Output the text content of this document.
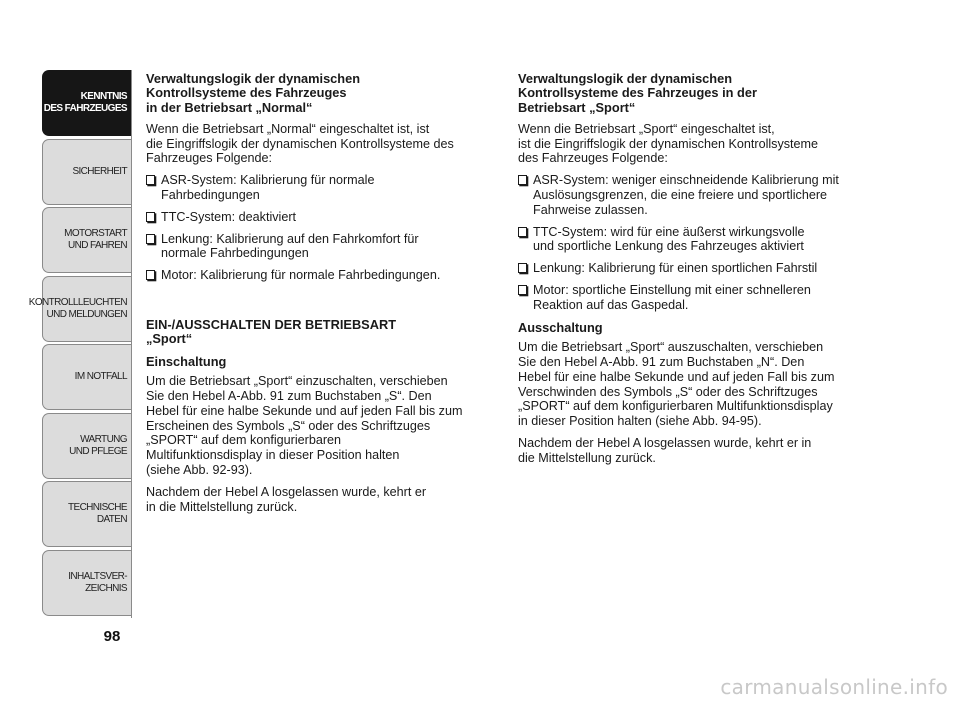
KENNTNIS
DES FAHRZEUGES
SICHERHEIT
MOTORSTART
UND FAHREN
KONTROLLLEUCHTEN
UND MELDUNGEN
IM NOTFALL
WARTUNG
UND PFLEGE
TECHNISCHE
DATEN
INHALTSVER-
ZEICHNIS
98
Verwaltungslogik der dynamischen
Kontrollsysteme des Fahrzeuges
in der Betriebsart „Normal“

Wenn die Betriebsart „Normal“ eingeschaltet ist, ist
die Eingriffslogik der dynamischen Kontrollsysteme des
Fahrzeuges Folgende:

ASR-System: Kalibrierung für normale
Fahrbedingungen
TTC-System: deaktiviert
Lenkung: Kalibrierung auf den Fahrkomfort für
normale Fahrbedingungen
Motor: Kalibrierung für normale Fahrbedingungen.
EIN-/AUSSCHALTEN DER BETRIEBSART
„Sport“
Einschaltung

Um die Betriebsart „Sport“ einzuschalten, verschieben
Sie den Hebel A-Abb. 91 zum Buchstaben „S“. Den
Hebel für eine halbe Sekunde und auf jeden Fall bis zum
Erscheinen des Symbols „S“ oder des Schriftzuges
„SPORT“ auf dem konfigurierbaren
Multifunktionsdisplay in dieser Position halten
(siehe Abb. 92-93).

Nachdem der Hebel A losgelassen wurde, kehrt er
in die Mittelstellung zurück.

Verwaltungslogik der dynamischen
Kontrollsysteme des Fahrzeuges in der
Betriebsart „Sport“

Wenn die Betriebsart „Sport“ eingeschaltet ist,
ist die Eingriffslogik der dynamischen Kontrollsysteme
des Fahrzeuges Folgende:

ASR-System: weniger einschneidende Kalibrierung mit
Auslösungsgrenzen, die eine freiere und sportlichere
Fahrweise zulassen.
TTC-System: wird für eine äußerst wirkungsvolle
und sportliche Lenkung des Fahrzeuges aktiviert
Lenkung: Kalibrierung für einen sportlichen Fahrstil
Motor: sportliche Einstellung mit einer schnelleren
Reaktion auf das Gaspedal.
Ausschaltung

Um die Betriebsart „Sport“ auszuschalten, verschieben
Sie den Hebel A-Abb. 91 zum Buchstaben „N“. Den
Hebel für eine halbe Sekunde und auf jeden Fall bis zum
Verschwinden des Symbols „S“ oder des Schriftzuges
„SPORT“ auf dem konfigurierbaren Multifunktionsdisplay
in dieser Position halten (siehe Abb. 94-95).

Nachdem der Hebel A losgelassen wurde, kehrt er in
die Mittelstellung zurück.

carmanualsonline.info
